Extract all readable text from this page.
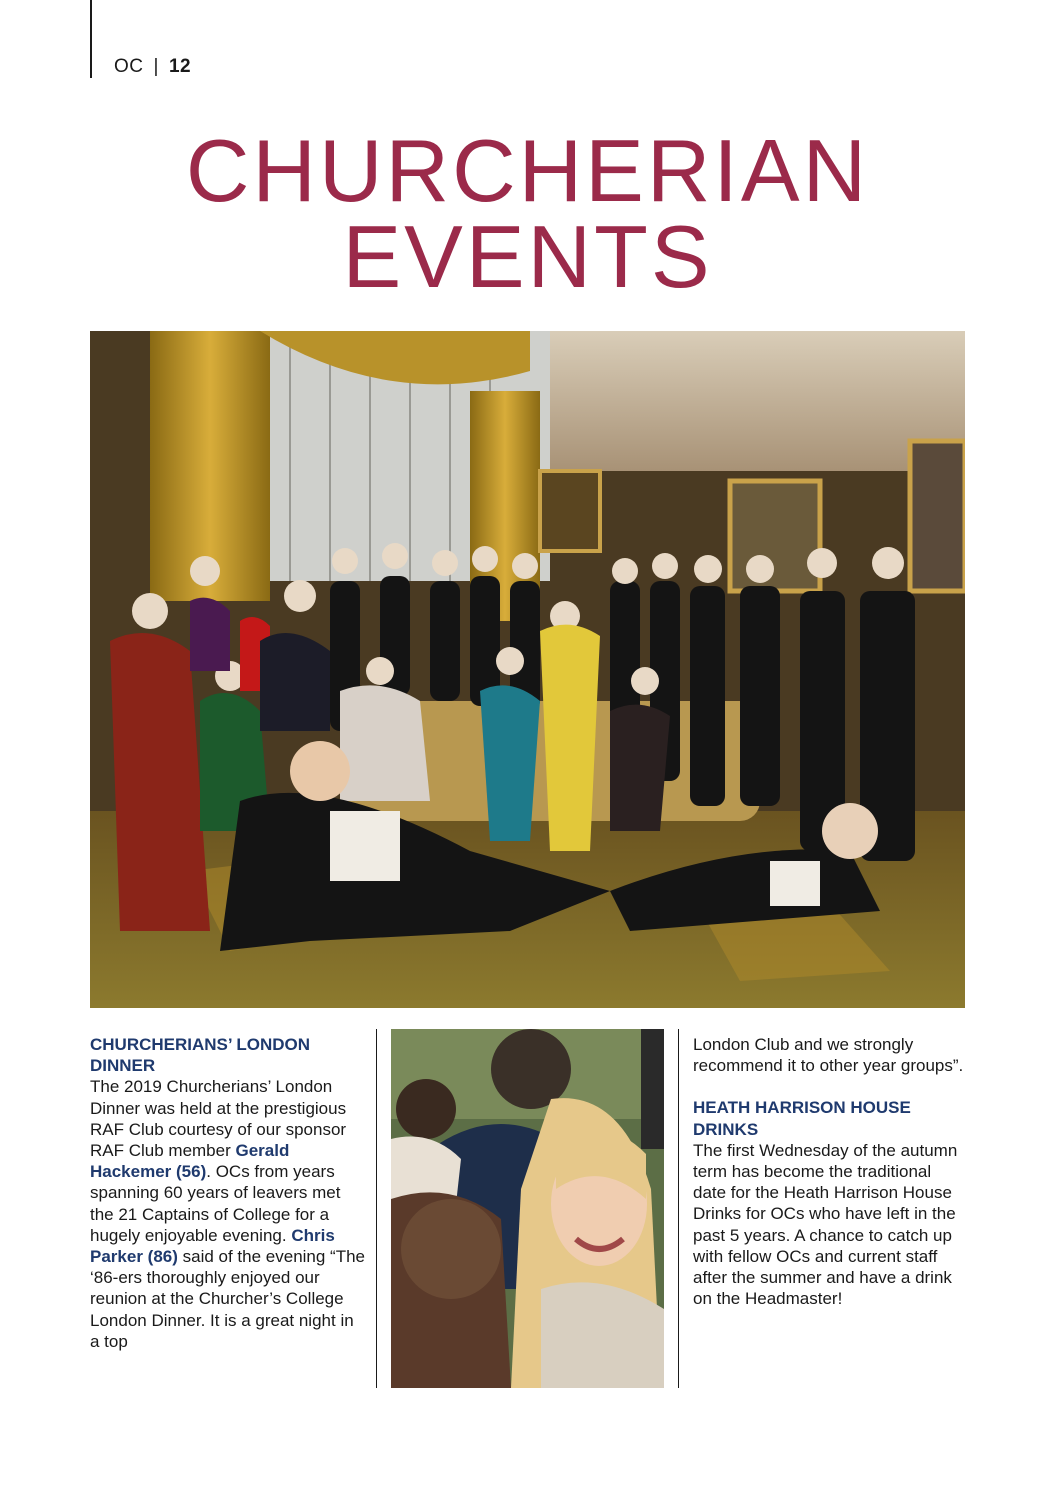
OC | 12
CHURCHERIAN
EVENTS
CHURCHERIANS’ LONDON DINNER

The 2019 Churcherians’ London Dinner was held at the prestigious RAF Club courtesy of our sponsor RAF Club member Gerald Hackemer (56). OCs from years spanning 60 years of leavers met the 21 Captains of College for a hugely enjoyable evening. Chris Parker (86) said of the evening “The ‘86-ers thoroughly enjoyed our reunion at the Churcher’s College London Dinner. It is a great night in a top

London Club and we strongly recommend it to other year groups”.

HEATH HARRISON HOUSE DRINKS

The first Wednesday of the autumn term has become the traditional date for the Heath Harrison House Drinks for OCs who have left in the past 5 years. A chance to catch up with fellow OCs and current staff after the summer and have a drink on the Headmaster!
